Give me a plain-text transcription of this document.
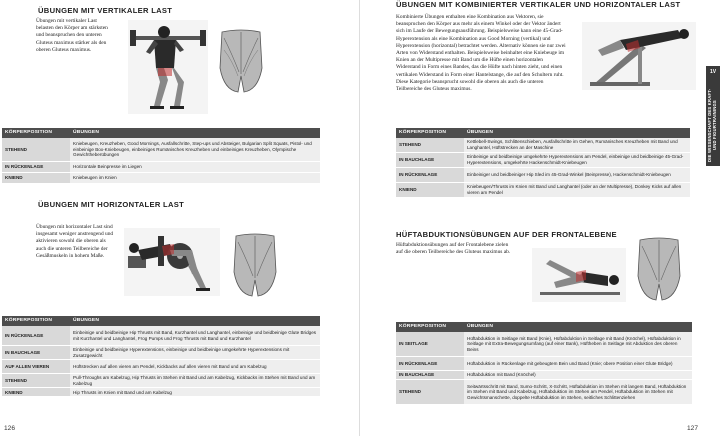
ÜBUNGEN MIT VERTIKALER LAST

Übungen mit vertikaler Last belasten den Körper am stärksten und beanspruchen den unteren Gluteus maximus stärker als den oberen Gluteus maximus.

KÖRPERPOSITION	ÜBUNGEN
STEHEND	Kniebeugen, Kreuzheben, Good Mornings, Ausfallschritte, Step-ups und Absteiger, Bulgarian Split Squats, Pistol- und einbeinige Box-Kniebeugen, einbeiniges Rumänisches Kreuzheben und einbeiniges Kreuzheben, Olympische Gewichtheberübungen
IN RÜCKENLAGE	Horizontale Beinpresse im Liegen
KNIEND	Kniebeugen im Knien
ÜBUNGEN MIT HORIZONTALER LAST

Übungen mit horizontaler Last sind insgesamt weniger anstrengend und aktivieren sowohl die oberen als auch die unteren Teilbereiche der Gesäßmuskeln in hohem Maße.

KÖRPERPOSITION	ÜBUNGEN
IN RÜCKENLAGE	Einbeinige und beidbeinige Hip Thrusts mit Band, Kurzhantel und Langhantel, einbeinige und beidbeinige Glute Bridges mit Kurzhantel und Langhantel, Frog Pumps und Frog Thrusts mit Band und Kurzhantel
IN BAUCHLAGE	Einbeinige und beidbeinige Hyperextensions, einbeinige und beidbeinige umgekehrte Hyperextensions mit Zusatzgewicht
AUF ALLEN VIEREN	Hüftstrecken auf allen vieren am Pendel, Kickbacks auf allen vieren mit Band und am Kabelzug
STEHEND	Pull-Throughs am Kabelzug, Hip Thrusts im Stehen mit Band und am Kabelzug, Kickbacks im Stehen mit Band und am Kabelzug
KNIEND	Hip Thrusts im Knien mit Band und am Kabelzug
126
ÜBUNGEN MIT KOMBINIERTER VERTIKALER UND HORIZONTALER LAST

Kombinierte Übungen enthalten eine Kombination aus Vektoren, sie beanspruchen den Körper aus mehr als einem Winkel oder der Vektor ändert sich im Laufe der Bewegungsausführung. Beispielsweise kann eine 45-Grad-Hyperextension als eine Kombination aus Good Morning (vertikal) und Hyperextension (horizontal) betrachtet werden. Alternativ können sie nur zwei Arten von Widerstand enthalten. Beispielsweise beinhaltet eine Kniebeuge im Knien an der Multipresse mit Band um die Hüfte einen horizontalen Widerstand in Form eines Bandes, das die Hüfte nach hinten zieht, und einen vertikalen Widerstand in Form einer Hantelstange, die auf den Schultern ruht. Diese Kategorie beansprucht sowohl die oberen als auch die unteren Teilbereiche des Gluteus maximus.

1V
DIE WISSENSCHAFT DES KRAFT- UND FIGURTRAININGS
KÖRPERPOSITION	ÜBUNGEN
STEHEND	Kettlebell-Swings, Schlittenschieben, Ausfallschritte im Gehen, Rumänisches Kreuzheben mit Band und Langhantel, Hüftstrecken an der Maschine
IN BAUCHLAGE	Einbeinige und beidbeinige umgekehrte Hyperextensions am Pendel, einbeinige und beidbeinige 45-Grad-Hyperextensions, umgekehrte Hackenschmidt-Kniebeugen
IN RÜCKENLAGE	Einbeiniger und beidbeiniger Hip Sled im 45-Grad-Winkel (Beinpresse), Hackenschmidt-Kniebeugen
KNIEND	Kniebeugen/Thrusts im Knien mit Band und Langhantel (oder an der Multipresse), Donkey Kicks auf allen vieren am Pendel
HÜFTABDUKTIONSÜBUNGEN AUF DER FRONTALEBENE

Hüftabduktionsübungen auf der Frontalebene zielen auf die oberen Teilbereiche des Gluteus maximus ab.

KÖRPERPOSITION	ÜBUNGEN
IN SEITLAGE	Hüftabduktion in Seitlage mit Band (Knie), Hüftabduktion in Seitlage mit Band (Knöchel), Hüftabduktion in Seitlage mit Extra-Bewegungsumfang (auf einer Bank), Hüftheben in Seitlage mit Abduktion des oberen Beins
IN RÜCKENLAGE	Hüftabduktion in Rückenlage mit gebeugtem Bein und Band (Knie; obere Position einer Glute Bridge)
IN BAUCHLAGE	Hüftabduktion mit Band (Knöchel)
STEHEND	Seitwärtsschritt mit Band, Sumo-Schritt, X-Schritt, Hüftabduktion im Stehen mit langem Band, Hüftabduktion im Stehen mit Band und Kabelzug, Hüftabduktion im Stehen am Pendel, Hüftabduktion im Stehen mit Gewichtsmanschette, doppelte Hüftabduktion im Stehen, seitliches Schlittenziehen
127
